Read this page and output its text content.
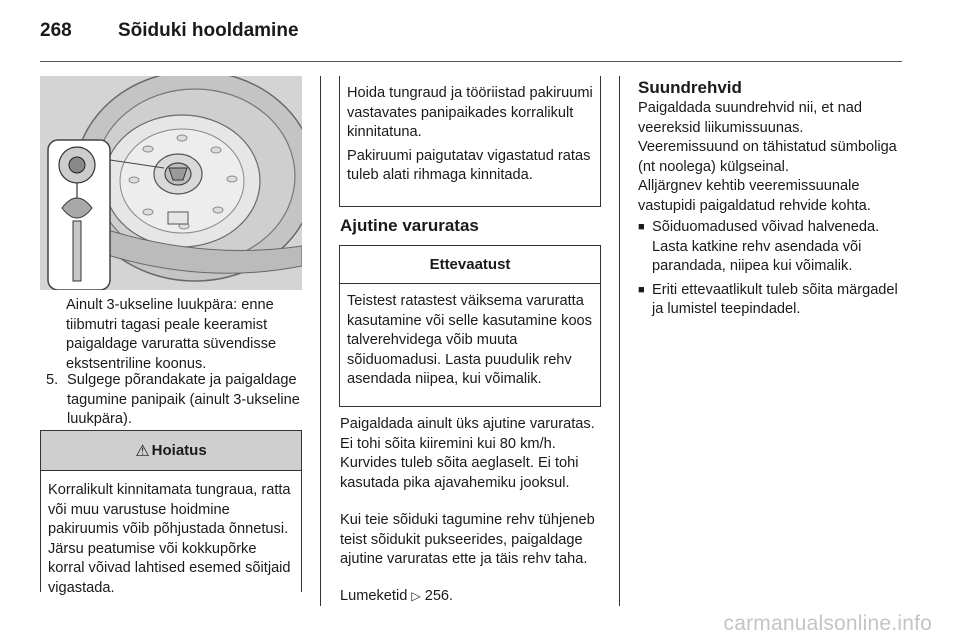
268	Sõiduki hooldamine
Ainult 3-ukseline luukpära: enne tiibmutri tagasi peale keeramist paigaldage varuratta süvendisse ekstsentriline koonus.
5. Sulgege põrandakate ja paigaldage tagumine panipaik (ainult 3-ukseline luukpära).
⚠ Hoiatus
Korralikult kinnitamata tungraua, ratta või muu varustuse hoidmine pakiruumis võib põhjustada õnnetusi. Järsu peatumise või kokkupõrke korral võivad lahtised esemed sõitjaid vigastada.

Hoida tungraud ja tööriistad pakiruumi vastavates panipaikades korralikult kinnitatuna.

Pakiruumi paigutatav vigastatud ratas tuleb alati rihmaga kinnitada.

Ajutine varuratas
Ettevaatust
Teistest ratastest väiksema varuratta kasutamine või selle kasutamine koos talverehvidega võib muuta sõiduomadusi. Lasta puudulik rehv asendada niipea, kui võimalik.
Paigaldada ainult üks ajutine varuratas. Ei tohi sõita kiiremini kui 80 km/h. Kurvides tuleb sõita aeglaselt. Ei tohi kasutada pika ajavahemiku jooksul.
Kui teie sõiduki tagumine rehv tühjeneb teist sõidukit pukseerides, paigaldage ajutine varuratas ette ja täis rehv taha.
Lumeketid ▷ 256.
Suundrehvid
Paigaldada suundrehvid nii, et nad veereksid liikumissuunas. Veeremissuund on tähistatud sümboliga (nt noolega) külgseinal.
Alljärgnev kehtib veeremissuunale vastupidi paigaldatud rehvide kohta.
■ Sõiduomadused võivad halveneda. Lasta katkine rehv asendada või parandada, niipea kui võimalik.
■ Eriti ettevaatlikult tuleb sõita märgadel ja lumistel teepindadel.
carmanualsonline.info
